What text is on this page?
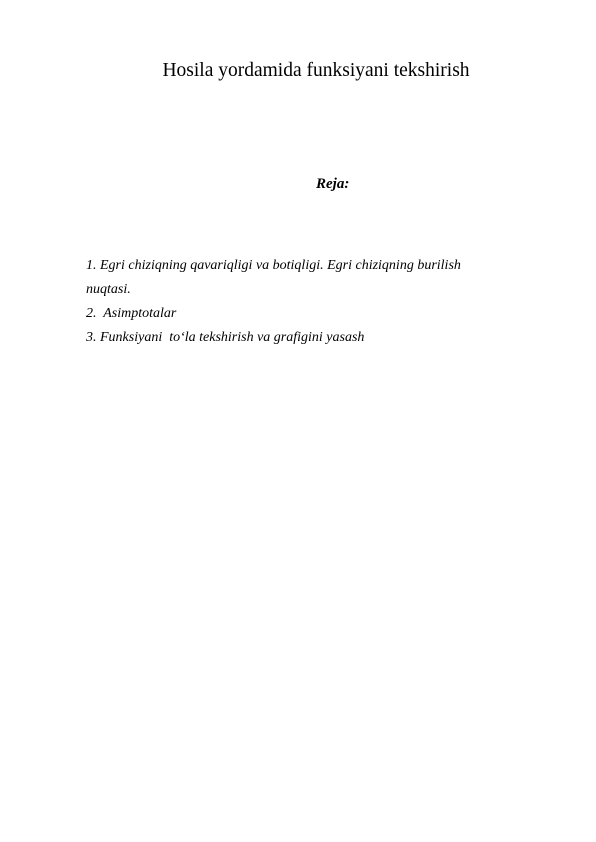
Hosila yordamida funksiyani tekshirish
Reja:
1. Egri chiziqning qavariqligi va botiqligi. Egri chiziqning burilish
nuqtasi.
2.  Asimptotalar
3. Funksiyani  to‘la tekshirish va grafigini yasash
